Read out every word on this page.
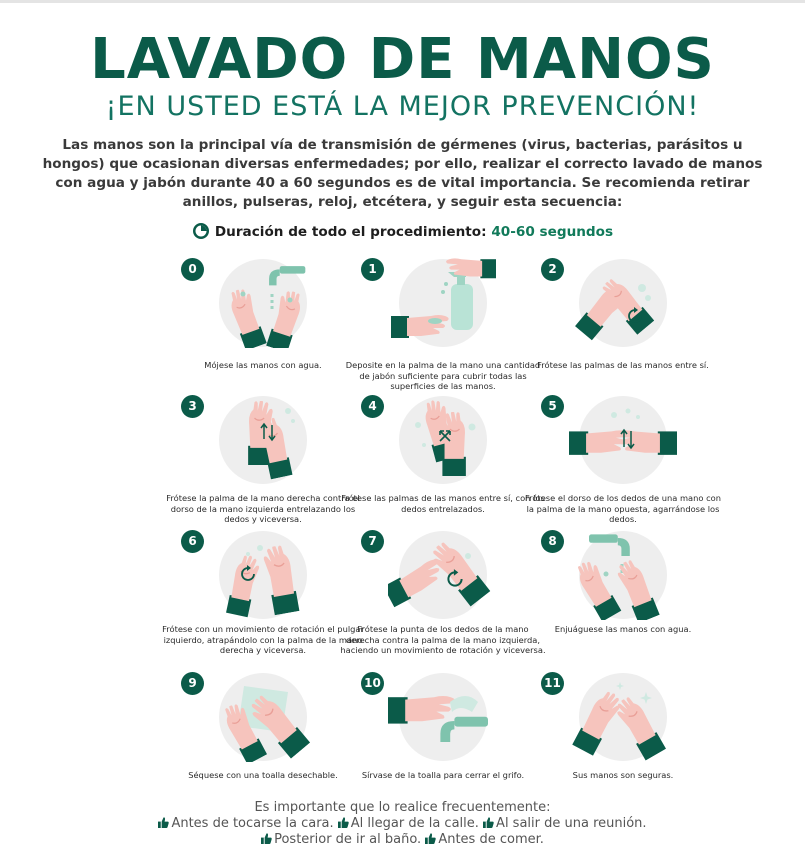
LAVADO DE MANOS
¡EN USTED ESTÁ LA MEJOR PREVENCIÓN!
Las manos son la principal vía de transmisión de gérmenes (virus, bacterias, parásitos u hongos) que ocasionan diversas enfermedades; por ello, realizar el correcto lavado de manos con agua y jabón durante 40 a 60 segundos es de vital importancia. Se recomienda retirar anillos, pulseras, reloj, etcétera, y seguir esta secuencia:
Duración de todo el procedimiento: 40-60 segundos
0
Mójese las manos con agua.
1
Deposite en la palma de la mano una cantidad de jabón suficiente para cubrir todas las superficies de las manos.
2
Frótese las palmas de las manos entre sí.
3
Frótese la palma de la mano derecha contra el dorso de la mano izquierda entrelazando los dedos y viceversa.
4
Frótese las palmas de las manos entre sí, con los dedos entrelazados.
5
Frótese el dorso de los dedos de una mano con la palma de la mano opuesta, agarrándose los dedos.
6
Frótese con un movimiento de rotación el pulgar izquierdo, atrapándolo con la palma de la mano derecha y viceversa.
7
Frótese la punta de los dedos de la mano derecha contra la palma de la mano izquierda, haciendo un movimiento de rotación y viceversa.
8
Enjuáguese las manos con agua.
9
Séquese con una toalla desechable.
10
Sírvase de la toalla para cerrar el grifo.
11
Sus manos son seguras.
Es importante que lo realice frecuentemente:
Antes de tocarse la cara. Al llegar de la calle. Al salir de una reunión.
Posterior de ir al baño. Antes de comer.
